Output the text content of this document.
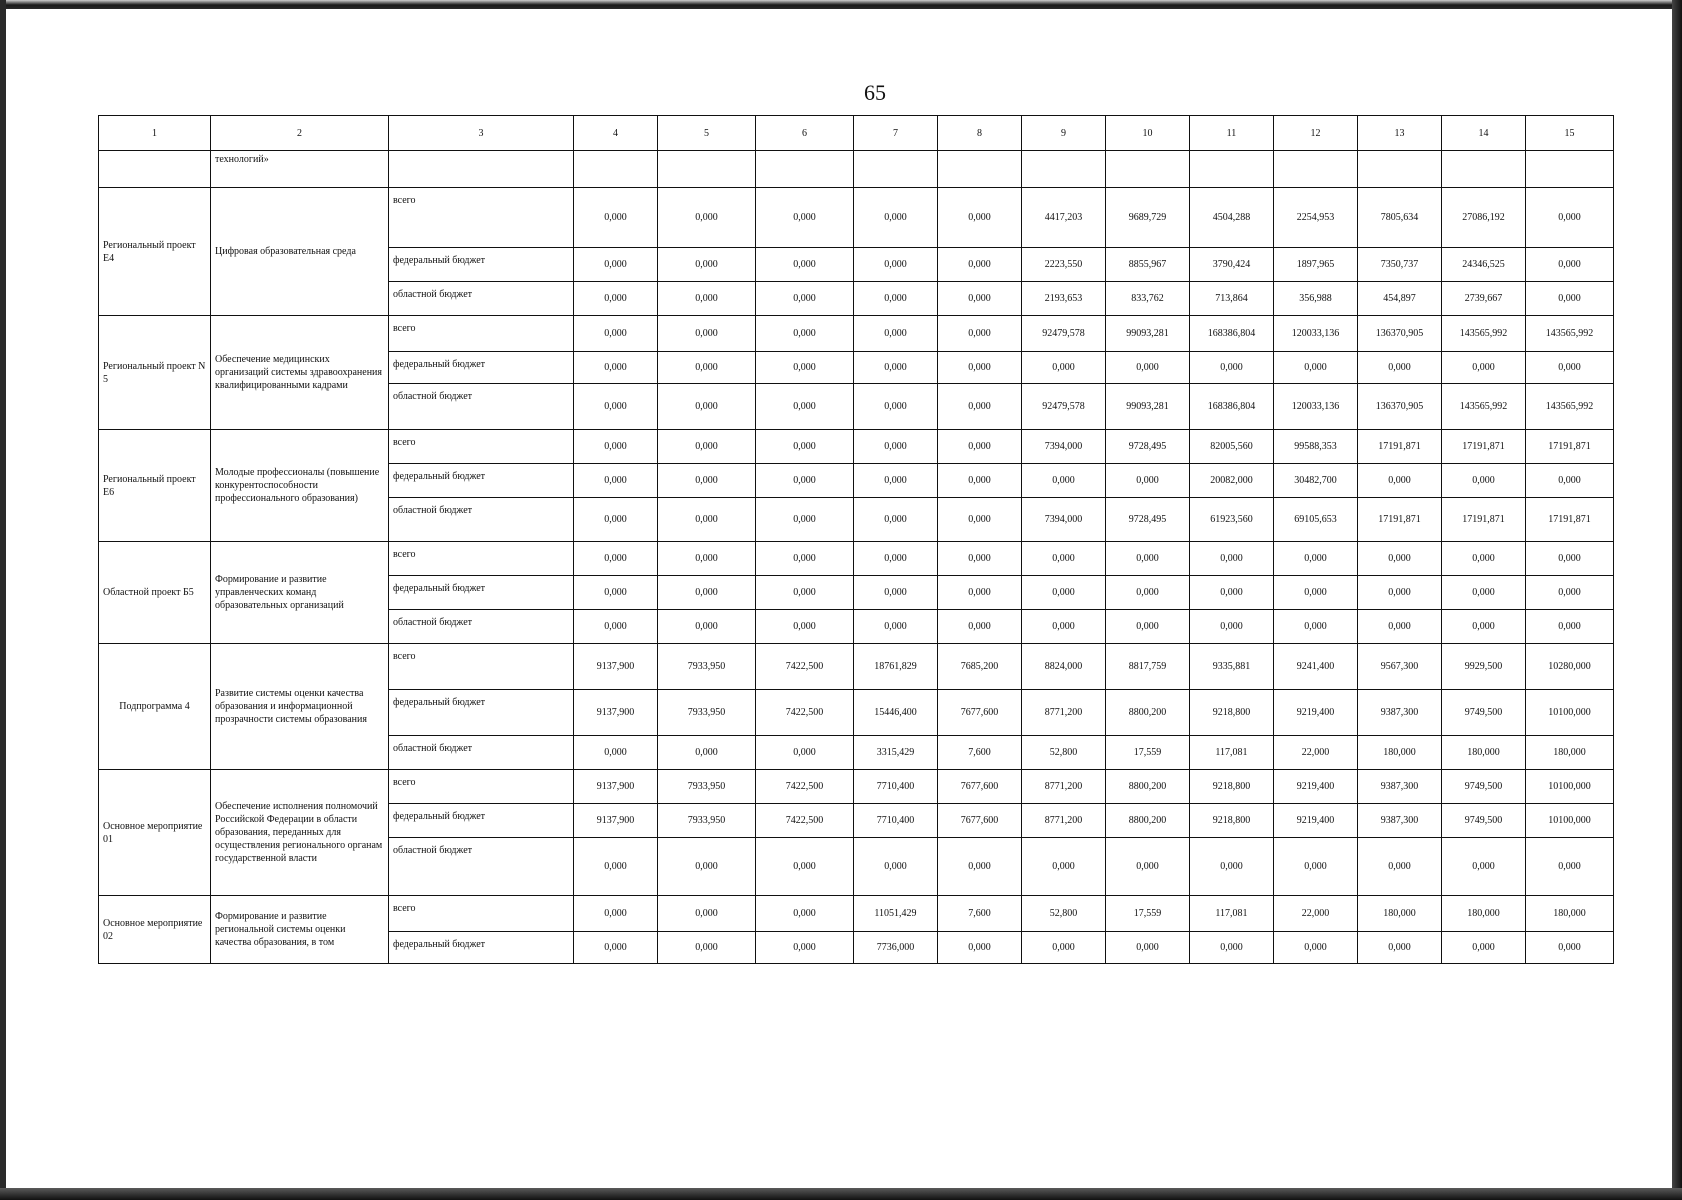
65
1	2	3	4	5	6	7	8	9	10	11	12	13	14	15
	технологий»													
Региональный проект E4	Цифровая образовательная среда	всего	0,000	0,000	0,000	0,000	0,000	4417,203	9689,729	4504,288	2254,953	7805,634	27086,192	0,000
		федеральный бюджет	0,000	0,000	0,000	0,000	0,000	2223,550	8855,967	3790,424	1897,965	7350,737	24346,525	0,000
		областной бюджет	0,000	0,000	0,000	0,000	0,000	2193,653	833,762	713,864	356,988	454,897	2739,667	0,000
Региональный проект N 5	Обеспечение медицинских организаций системы здравоохранения квалифицированными кадрами	всего	0,000	0,000	0,000	0,000	0,000	92479,578	99093,281	168386,804	120033,136	136370,905	143565,992	143565,992
		федеральный бюджет	0,000	0,000	0,000	0,000	0,000	0,000	0,000	0,000	0,000	0,000	0,000	0,000
		областной бюджет	0,000	0,000	0,000	0,000	0,000	92479,578	99093,281	168386,804	120033,136	136370,905	143565,992	143565,992
Региональный проект E6	Молодые профессионалы (повышение конкурентоспособности профессионального образования)	всего	0,000	0,000	0,000	0,000	0,000	7394,000	9728,495	82005,560	99588,353	17191,871	17191,871	17191,871
		федеральный бюджет	0,000	0,000	0,000	0,000	0,000	0,000	0,000	20082,000	30482,700	0,000	0,000	0,000
		областной бюджет	0,000	0,000	0,000	0,000	0,000	7394,000	9728,495	61923,560	69105,653	17191,871	17191,871	17191,871
Областной проект Б5	Формирование и развитие управленческих команд образовательных организаций	всего	0,000	0,000	0,000	0,000	0,000	0,000	0,000	0,000	0,000	0,000	0,000	0,000
		федеральный бюджет	0,000	0,000	0,000	0,000	0,000	0,000	0,000	0,000	0,000	0,000	0,000	0,000
		областной бюджет	0,000	0,000	0,000	0,000	0,000	0,000	0,000	0,000	0,000	0,000	0,000	0,000
Подпрограмма 4	Развитие системы оценки качества образования и информационной прозрачности системы образования	всего	9137,900	7933,950	7422,500	18761,829	7685,200	8824,000	8817,759	9335,881	9241,400	9567,300	9929,500	10280,000
		федеральный бюджет	9137,900	7933,950	7422,500	15446,400	7677,600	8771,200	8800,200	9218,800	9219,400	9387,300	9749,500	10100,000
		областной бюджет	0,000	0,000	0,000	3315,429	7,600	52,800	17,559	117,081	22,000	180,000	180,000	180,000
Основное мероприятие 01	Обеспечение исполнения полномочий Российской Федерации в области образования, переданных для осуществления регионального органам государственной власти	всего	9137,900	7933,950	7422,500	7710,400	7677,600	8771,200	8800,200	9218,800	9219,400	9387,300	9749,500	10100,000
		федеральный бюджет	9137,900	7933,950	7422,500	7710,400	7677,600	8771,200	8800,200	9218,800	9219,400	9387,300	9749,500	10100,000
		областной бюджет	0,000	0,000	0,000	0,000	0,000	0,000	0,000	0,000	0,000	0,000	0,000	0,000
Основное мероприятие 02	Формирование и развитие региональной системы оценки качества образования, в том	всего	0,000	0,000	0,000	11051,429	7,600	52,800	17,559	117,081	22,000	180,000	180,000	180,000
		федеральный бюджет	0,000	0,000	0,000	7736,000	0,000	0,000	0,000	0,000	0,000	0,000	0,000	0,000
